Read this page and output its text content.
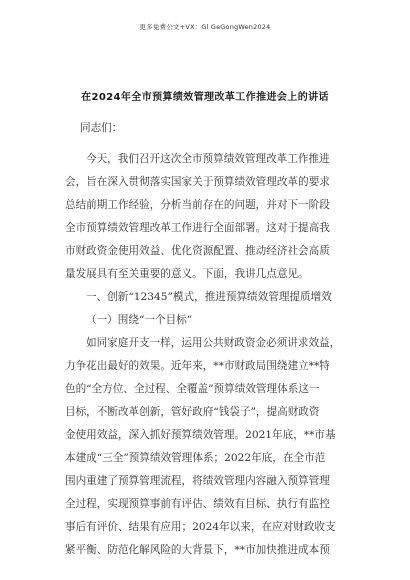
更多免费公文+VX：Gl GeGongWen2024
在2024年全市预算绩效管理改革工作推进会上的讲话
同志们：
今天，我们召开这次全市预算绩效管理改革工作推进
会，旨在深入贯彻落实国家关于预算绩效管理改革的要求
总结前期工作经验，分析当前存在的问题，并对下一阶段
全市预算绩效管理改革工作进行全面部署。这对于提高我
市财政资金使用效益、优化资源配置、推动经济社会高质
量发展具有至关重要的意义。下面，我讲几点意见。
一、创新“12345”模式，推进预算绩效管理提质增效
（一）围绕“一个目标”
如同家庭开支一样，运用公共财政资金必须讲求效益，
力争花出最好的效果。近年来，**市财政局围绕建立**特
色的“全方位、全过程、全覆盖”预算绩效管理体系这一
目标，不断改革创新，管好政府“钱袋子”，提高财政资
金使用效益，深入抓好预算绩效管理。2021年底，**市基
本建成“三全”预算绩效管理体系；2022年底，在全市范
围内重建了预算管理流程，将绩效管理内容融入预算管理
全过程，实现预算事前有评估、绩效有目标、执行有监控
事后有评价、结果有应用；2024年以来，在应对财政收支
紧平衡、防范化解风险的大背景下，**市加快推进成本预
